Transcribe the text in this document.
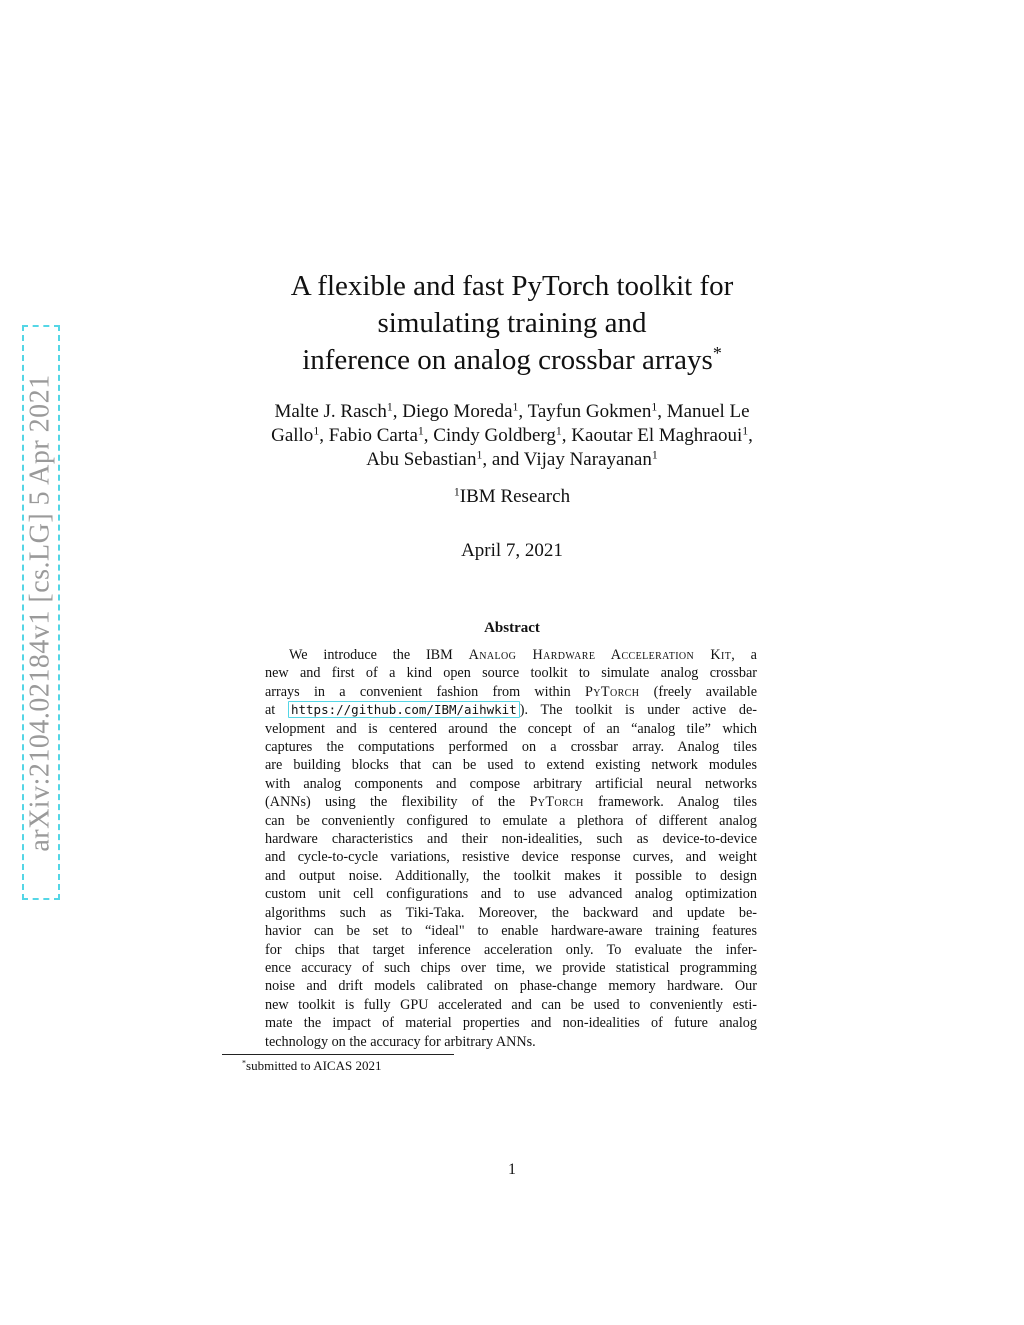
arXiv:2104.02184v1 [cs.LG] 5 Apr 2021
A flexible and fast PyTorch toolkit for
simulating training and
inference on analog crossbar arrays*
Malte J. Rasch$^1$, Diego Moreda$^1$, Tayfun Gokmen$^1$, Manuel Le
Gallo$^1$, Fabio Carta$^1$, Cindy Goldberg$^1$, Kaoutar El Maghraoui$^1$,
Abu Sebastian$^1$, and Vijay Narayanan$^1$
$^1$IBM Research
April 7, 2021
Abstract
We introduce the IBM Analog Hardware Acceleration Kit, a
new and first of a kind open source toolkit to simulate analog crossbar
arrays in a convenient fashion from within PyTorch (freely available
at https://github.com/IBM/aihwkit ). The toolkit is under active de-
velopment and is centered around the concept of an “analog tile” which
captures the computations performed on a crossbar array. Analog tiles
are building blocks that can be used to extend existing network modules
with analog components and compose arbitrary artificial neural networks
(ANNs) using the flexibility of the PyTorch framework. Analog tiles
can be conveniently configured to emulate a plethora of different analog
hardware characteristics and their non-idealities, such as device-to-device
and cycle-to-cycle variations, resistive device response curves, and weight
and output noise. Additionally, the toolkit makes it possible to design
custom unit cell configurations and to use advanced analog optimization
algorithms such as Tiki-Taka. Moreover, the backward and update be-
havior can be set to “ideal" to enable hardware-aware training features
for chips that target inference acceleration only. To evaluate the infer-
ence accuracy of such chips over time, we provide statistical programming
noise and drift models calibrated on phase-change memory hardware. Our
new toolkit is fully GPU accelerated and can be used to conveniently esti-
mate the impact of material properties and non-idealities of future analog
technology on the accuracy for arbitrary ANNs.
*submitted to AICAS 2021
1
